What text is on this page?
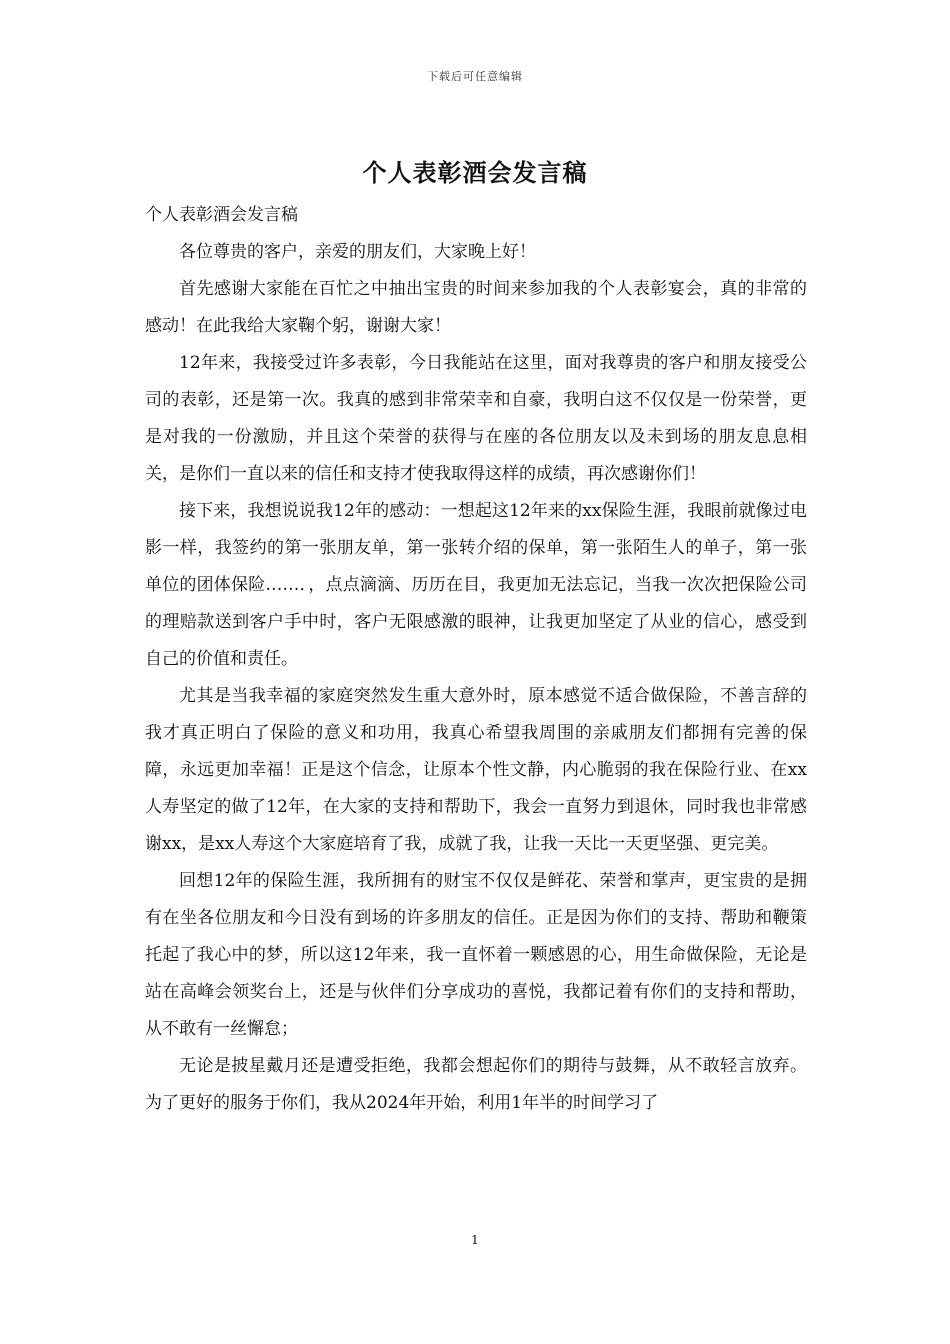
下载后可任意编辑
个人表彰酒会发言稿

个人表彰酒会发言稿

各位尊贵的客户，亲爱的朋友们，大家晚上好！

首先感谢大家能在百忙之中抽出宝贵的时间来参加我的个人表彰宴会，真的非常的感动！在此我给大家鞠个躬，谢谢大家！

12年来，我接受过许多表彰，今日我能站在这里，面对我尊贵的客户和朋友接受公司的表彰，还是第一次。我真的感到非常荣幸和自豪，我明白这不仅仅是一份荣誉，更是对我的一份激励，并且这个荣誉的获得与在座的各位朋友以及未到场的朋友息息相关，是你们一直以来的信任和支持才使我取得这样的成绩，再次感谢你们！

接下来，我想说说我12年的感动：一想起这12年来的xx保险生涯，我眼前就像过电影一样，我签约的第一张朋友单，第一张转介绍的保单，第一张陌生人的单子，第一张单位的团体保险……．，点点滴滴、历历在目，我更加无法忘记，当我一次次把保险公司的理赔款送到客户手中时，客户无限感激的眼神，让我更加坚定了从业的信心，感受到自己的价值和责任。

尤其是当我幸福的家庭突然发生重大意外时，原本感觉不适合做保险，不善言辞的我才真正明白了保险的意义和功用，我真心希望我周围的亲戚朋友们都拥有完善的保障，永远更加幸福！正是这个信念，让原本个性文静，内心脆弱的我在保险行业、在xx人寿坚定的做了12年，在大家的支持和帮助下，我会一直努力到退休，同时我也非常感谢xx，是xx人寿这个大家庭培育了我，成就了我，让我一天比一天更坚强、更完美。

回想12年的保险生涯，我所拥有的财宝不仅仅是鲜花、荣誉和掌声，更宝贵的是拥有在坐各位朋友和今日没有到场的许多朋友的信任。正是因为你们的支持、帮助和鞭策托起了我心中的梦，所以这12年来，我一直怀着一颗感恩的心，用生命做保险，无论是站在高峰会领奖台上，还是与伙伴们分享成功的喜悦，我都记着有你们的支持和帮助，从不敢有一丝懈怠；

无论是披星戴月还是遭受拒绝，我都会想起你们的期待与鼓舞，从不敢轻言放弃。为了更好的服务于你们，我从2024年开始，利用1年半的时间学习了

1
